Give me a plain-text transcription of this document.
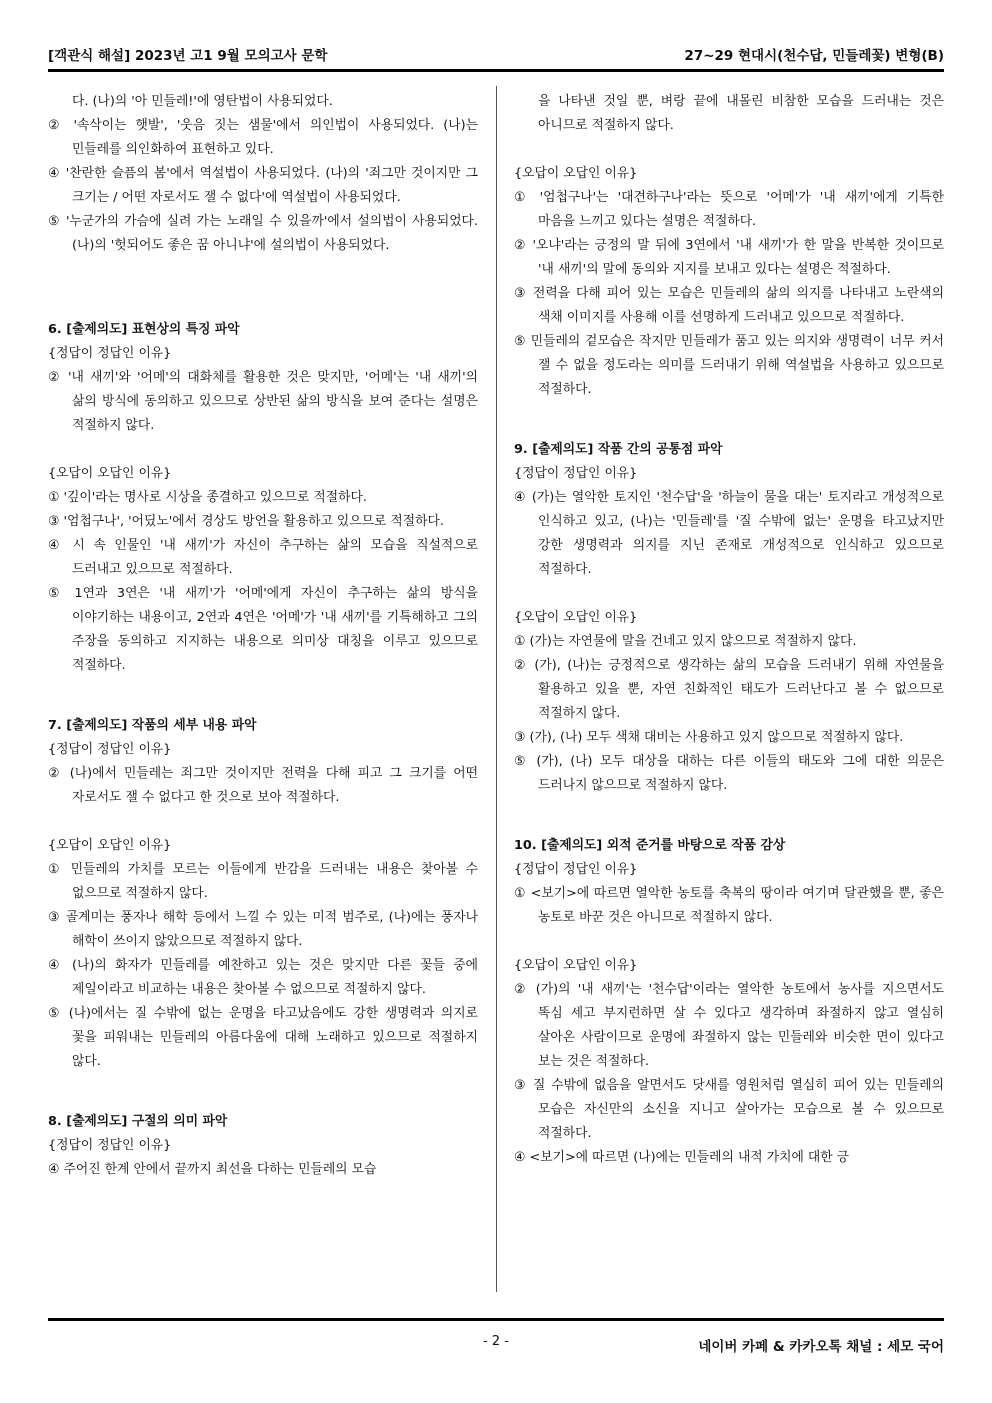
[객관식 해설] 2023년 고1 9월 모의고사 문학	27~29 현대시(천수답, 민들레꽃) 변형(B)
다. (나)의 '아 민들레!'에 영탄법이 사용되었다.
② '속삭이는 햇발', '웃음 짓는 샘물'에서 의인법이 사용되었다. (나)는 민들레를 의인화하여 표현하고 있다.
④ '찬란한 슬픔의 봄'에서 역설법이 사용되었다. (나)의 '죄그만 것이지만 그 크기는 / 어떤 자로서도 잴 수 없다'에 역설법이 사용되었다.
⑤ '누군가의 가슴에 실려 가는 노래일 수 있을까'에서 설의법이 사용되었다. (나)의 '헛되어도 좋은 꿈 아니냐'에 설의법이 사용되었다.
6. [출제의도] 표현상의 특징 파악
{정답이 정답인 이유}
② '내 새끼'와 '어메'의 대화체를 활용한 것은 맞지만, '어메'는 '내 새끼'의 삶의 방식에 동의하고 있으므로 상반된 삶의 방식을 보여 준다는 설명은 적절하지 않다.
{오답이 오답인 이유}
① '깊이'라는 명사로 시상을 종결하고 있으므로 적절하다.
③ '엄첩구나', '어딨노'에서 경상도 방언을 활용하고 있으므로 적절하다.
④ 시 속 인물인 '내 새끼'가 자신이 추구하는 삶의 모습을 직설적으로 드러내고 있으므로 적절하다.
⑤ 1연과 3연은 '내 새끼'가 '어메'에게 자신이 추구하는 삶의 방식을 이야기하는 내용이고, 2연과 4연은 '어메'가 '내 새끼'를 기특해하고 그의 주장을 동의하고 지지하는 내용으로 의미상 대칭을 이루고 있으므로 적절하다.
7. [출제의도] 작품의 세부 내용 파악
{정답이 정답인 이유}
② (나)에서 민들레는 죄그만 것이지만 전력을 다해 피고 그 크기를 어떤 자로서도 잴 수 없다고 한 것으로 보아 적절하다.
{오답이 오답인 이유}
① 민들레의 가치를 모르는 이들에게 반감을 드러내는 내용은 찾아볼 수 없으므로 적절하지 않다.
③ 골계미는 풍자나 해학 등에서 느낄 수 있는 미적 범주로, (나)에는 풍자나 해학이 쓰이지 않았으므로 적절하지 않다.
④ (나)의 화자가 민들레를 예찬하고 있는 것은 맞지만 다른 꽃들 중에 제일이라고 비교하는 내용은 찾아볼 수 없으므로 적절하지 않다.
⑤ (나)에서는 질 수밖에 없는 운명을 타고났음에도 강한 생명력과 의지로 꽃을 피워내는 민들레의 아름다움에 대해 노래하고 있으므로 적절하지 않다.
8. [출제의도] 구절의 의미 파악
{정답이 정답인 이유}
④ 주어진 한계 안에서 끝까지 최선을 다하는 민들레의 모습
을 나타낸 것일 뿐, 벼랑 끝에 내몰린 비참한 모습을 드러내는 것은 아니므로 적절하지 않다.
{오답이 오답인 이유}
① '엄첩구나'는 '대견하구나'라는 뜻으로 '어메'가 '내 새끼'에게 기특한 마음을 느끼고 있다는 설명은 적절하다.
② '오냐'라는 긍정의 말 뒤에 3연에서 '내 새끼'가 한 말을 반복한 것이므로 '내 새끼'의 말에 동의와 지지를 보내고 있다는 설명은 적절하다.
③ 전력을 다해 피어 있는 모습은 민들레의 삶의 의지를 나타내고 노란색의 색채 이미지를 사용해 이를 선명하게 드러내고 있으므로 적절하다.
⑤ 민들레의 겉모습은 작지만 민들레가 품고 있는 의지와 생명력이 너무 커서 잴 수 없을 정도라는 의미를 드러내기 위해 역설법을 사용하고 있으므로 적절하다.
9. [출제의도] 작품 간의 공통점 파악
{정답이 정답인 이유}
④ (가)는 열악한 토지인 '천수답'을 '하늘이 물을 대는' 토지라고 개성적으로 인식하고 있고, (나)는 '민들레'를 '질 수밖에 없는' 운명을 타고났지만 강한 생명력과 의지를 지닌 존재로 개성적으로 인식하고 있으므로 적절하다.
{오답이 오답인 이유}
① (가)는 자연물에 말을 건네고 있지 않으므로 적절하지 않다.
② (가), (나)는 긍정적으로 생각하는 삶의 모습을 드러내기 위해 자연물을 활용하고 있을 뿐, 자연 친화적인 태도가 드러난다고 볼 수 없으므로 적절하지 않다.
③ (가), (나) 모두 색채 대비는 사용하고 있지 않으므로 적절하지 않다.
⑤ (가), (나) 모두 대상을 대하는 다른 이들의 태도와 그에 대한 의문은 드러나지 않으므로 적절하지 않다.
10. [출제의도] 외적 준거를 바탕으로 작품 감상
{정답이 정답인 이유}
① <보기>에 따르면 열악한 농토를 축복의 땅이라 여기며 달관했을 뿐, 좋은 농토로 바꾼 것은 아니므로 적절하지 않다.
{오답이 오답인 이유}
② (가)의 '내 새끼'는 '천수답'이라는 열악한 농토에서 농사를 지으면서도 똑심 세고 부지런하면 살 수 있다고 생각하며 좌절하지 않고 열심히 살아온 사람이므로 운명에 좌절하지 않는 민들레와 비슷한 면이 있다고 보는 것은 적절하다.
③ 질 수밖에 없음을 알면서도 닷새를 영원처럼 열심히 피어 있는 민들레의 모습은 자신만의 소신을 지니고 살아가는 모습으로 볼 수 있으므로 적절하다.
④ <보기>에 따르면 (나)에는 민들레의 내적 가치에 대한 긍
- 2 -	네이버 카페 & 카카오톡 채널 : 세모 국어
